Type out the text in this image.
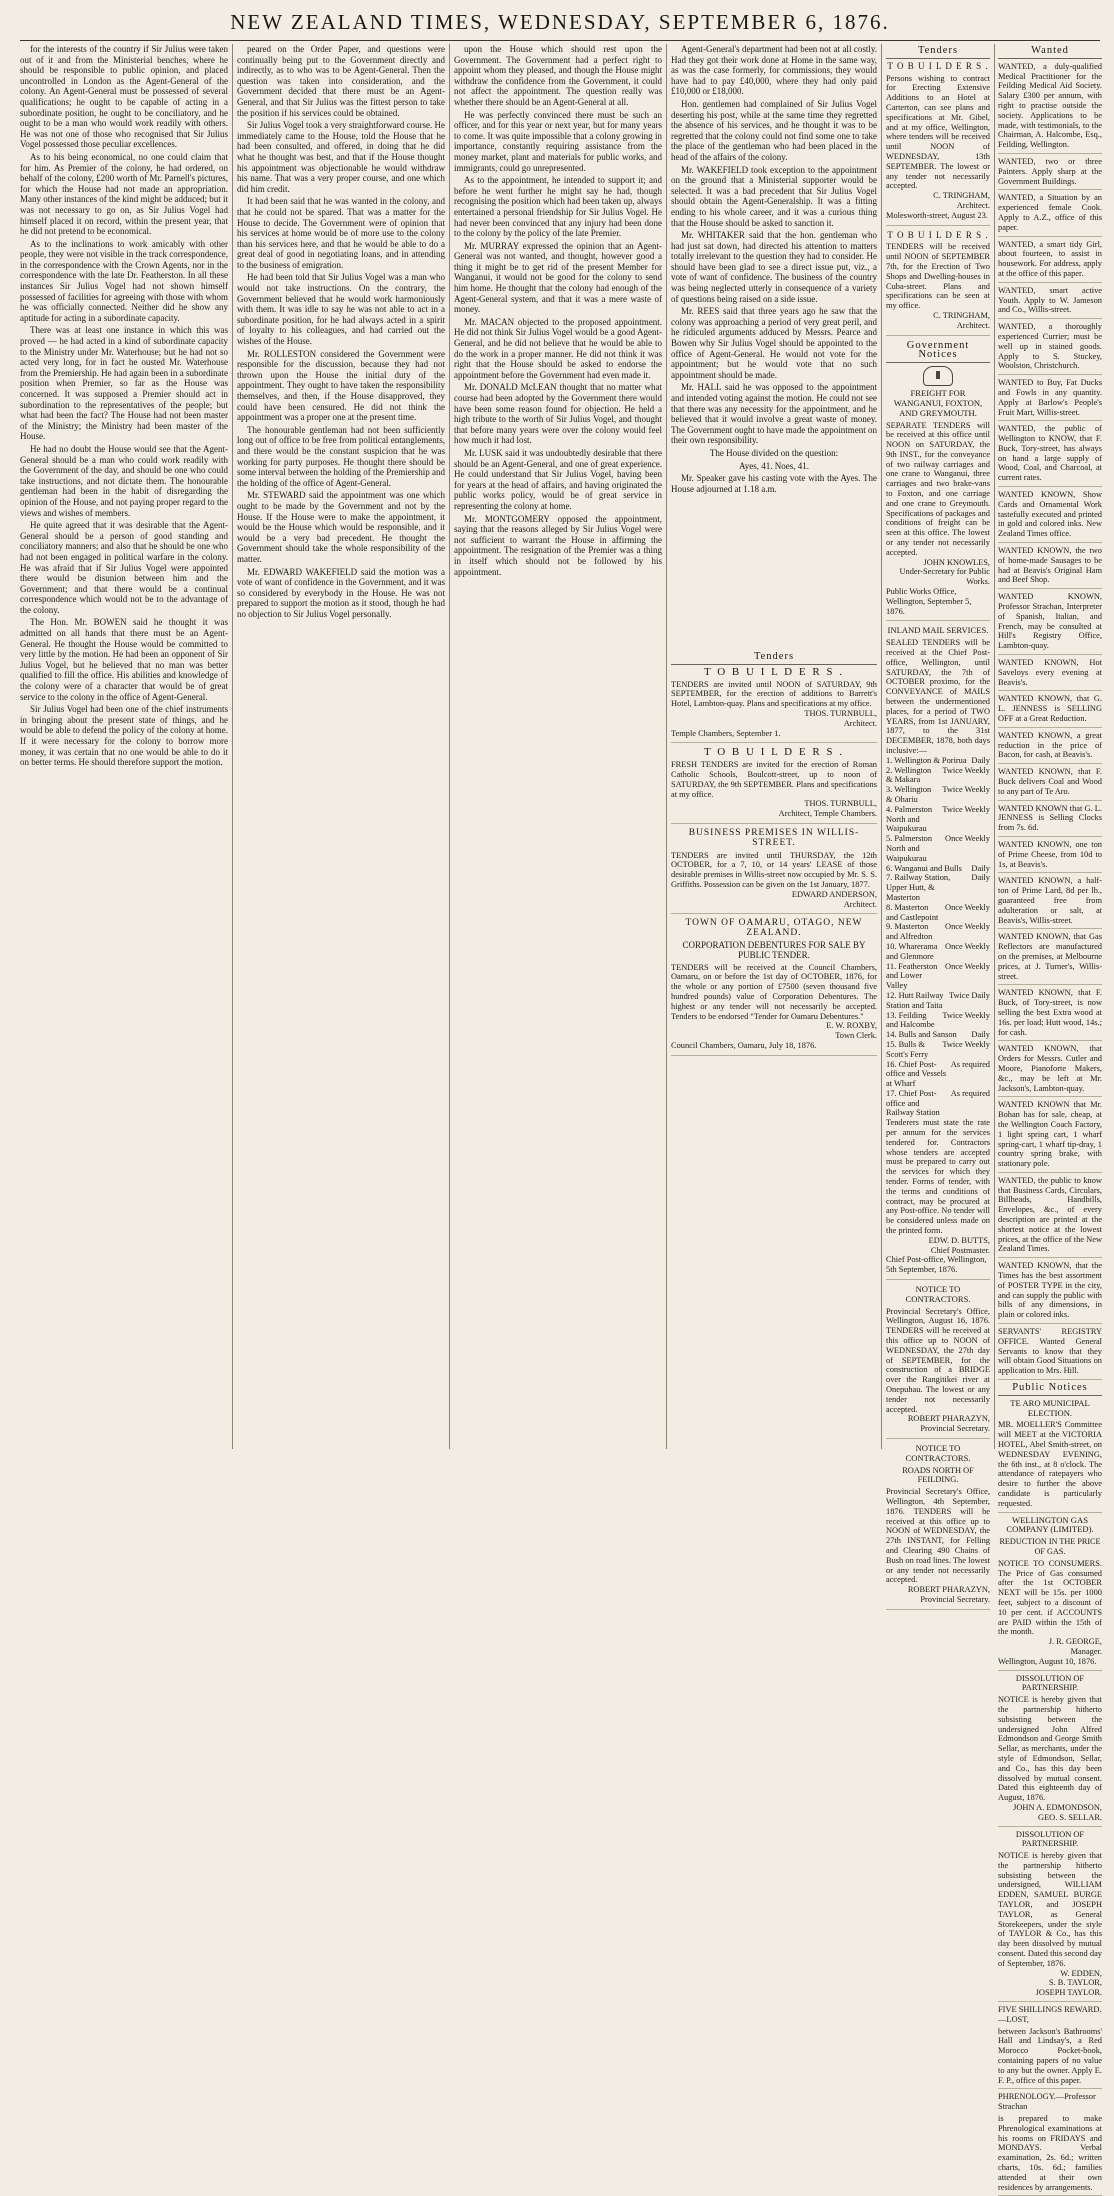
NEW ZEALAND TIMES, WEDNESDAY, SEPTEMBER 6, 1876.

for the interests of the country if Sir Julius were taken out of it and from the Ministerial benches, where he should be responsible to public opinion, and placed uncontrolled in London as the Agent-General of the colony. An Agent-General must be possessed of several qualifications; he ought to be capable of acting in a subordinate position, he ought to be conciliatory, and he ought to be a man who would work readily with others. He was not one of those who recognised that Sir Julius Vogel possessed those peculiar excellences.

As to his being economical, no one could claim that for him. As Premier of the colony, he had ordered, on behalf of the colony, £200 worth of Mr. Parnell's pictures, for which the House had not made an appropriation. Many other instances of the kind might be adduced; but it was not necessary to go on, as Sir Julius Vogel had himself placed it on record, within the present year, that he did not pretend to be economical.

As to the inclinations to work amicably with other people, they were not visible in the track correspondence, in the correspondence with the Crown Agents, nor in the correspondence with the late Dr. Featherston. In all these instances Sir Julius Vogel had not shown himself possessed of facilities for agreeing with those with whom he was officially connected. Neither did he show any aptitude for acting in a subordinate capacity.

There was at least one instance in which this was proved — he had acted in a kind of subordinate capacity to the Ministry under Mr. Waterhouse; but he had not so acted very long, for in fact he ousted Mr. Waterhouse from the Premiership. He had again been in a subordinate position when Premier, so far as the House was concerned. It was supposed a Premier should act in subordination to the representatives of the people; but what had been the fact? The House had not been master of the Ministry; the Ministry had been master of the House.

He had no doubt the House would see that the Agent-General should be a man who could work readily with the Government of the day, and should be one who could take instructions, and not dictate them. The honourable gentleman had been in the habit of disregarding the opinion of the House, and not paying proper regard to the views and wishes of members.

He quite agreed that it was desirable that the Agent-General should be a person of good standing and conciliatory manners; and also that he should be one who had not been engaged in political warfare in the colony. He was afraid that if Sir Julius Vogel were appointed there would be disunion between him and the Government; and that there would be a continual correspondence which would not be to the advantage of the colony.

The Hon. Mr. BOWEN said he thought it was admitted on all hands that there must be an Agent-General. He thought the House would be committed to very little by the motion. He had been an opponent of Sir Julius Vogel, but he believed that no man was better qualified to fill the office. His abilities and knowledge of the colony were of a character that would be of great service to the colony in the office of Agent-General.

Sir Julius Vogel had been one of the chief instruments in bringing about the present state of things, and he would be able to defend the policy of the colony at home. If it were necessary for the colony to borrow more money, it was certain that no one would be able to do it on better terms. He should therefore support the motion.

peared on the Order Paper, and questions were continually being put to the Government directly and indirectly, as to who was to be Agent-General. Then the question was taken into consideration, and the Government decided that there must be an Agent-General, and that Sir Julius was the fittest person to take the position if his services could be obtained.

Sir Julius Vogel took a very straightforward course. He immediately came to the House, told the House that he had been consulted, and offered, in doing that he did what he thought was best, and that if the House thought his appointment was objectionable he would withdraw his name. That was a very proper course, and one which did him credit.

It had been said that he was wanted in the colony, and that he could not be spared. That was a matter for the House to decide. The Government were of opinion that his services at home would be of more use to the colony than his services here, and that he would be able to do a great deal of good in negotiating loans, and in attending to the business of emigration.

He had been told that Sir Julius Vogel was a man who would not take instructions. On the contrary, the Government believed that he would work harmoniously with them. It was idle to say he was not able to act in a subordinate position, for he had always acted in a spirit of loyalty to his colleagues, and had carried out the wishes of the House.

Mr. ROLLESTON considered the Government were responsible for the discussion, because they had not thrown upon the House the initial duty of the appointment. They ought to have taken the responsibility themselves, and then, if the House disapproved, they could have been censured. He did not think the appointment was a proper one at the present time.

The honourable gentleman had not been sufficiently long out of office to be free from political entanglements, and there would be the constant suspicion that he was working for party purposes. He thought there should be some interval between the holding of the Premiership and the holding of the office of Agent-General.

Mr. STEWARD said the appointment was one which ought to be made by the Government and not by the House. If the House were to make the appointment, it would be the House which would be responsible, and it would be a very bad precedent. He thought the Government should take the whole responsibility of the matter.

Mr. EDWARD WAKEFIELD said the motion was a vote of want of confidence in the Government, and it was so considered by everybody in the House. He was not prepared to support the motion as it stood, though he had no objection to Sir Julius Vogel personally.

upon the House which should rest upon the Government. The Government had a perfect right to appoint whom they pleased, and though the House might withdraw the confidence from the Government, it could not affect the appointment. The question really was whether there should be an Agent-General at all.

He was perfectly convinced there must be such an officer, and for this year or next year, but for many years to come. It was quite impossible that a colony growing in importance, constantly requiring assistance from the money market, plant and materials for public works, and immigrants, could go unrepresented.

As to the appointment, he intended to support it; and before he went further he might say he had, though recognising the position which had been taken up, always entertained a personal friendship for Sir Julius Vogel. He had never been convinced that any injury had been done to the colony by the policy of the late Premier.

Mr. MURRAY expressed the opinion that an Agent-General was not wanted, and thought, however good a thing it might be to get rid of the present Member for Wanganui, it would not be good for the colony to send him home. He thought that the colony had enough of the Agent-General system, and that it was a mere waste of money.

Mr. MACAN objected to the proposed appointment. He did not think Sir Julius Vogel would be a good Agent-General, and he did not believe that he would be able to do the work in a proper manner. He did not think it was right that the House should be asked to endorse the appointment before the Government had even made it.

Mr. DONALD McLEAN thought that no matter what course had been adopted by the Government there would have been some reason found for objection. He held a high tribute to the worth of Sir Julius Vogel, and thought that before many years were over the colony would feel how much it had lost.

Mr. LUSK said it was undoubtedly desirable that there should be an Agent-General, and one of great experience. He could understand that Sir Julius Vogel, having been for years at the head of affairs, and having originated the public works policy, would be of great service in representing the colony at home.

Mr. MONTGOMERY opposed the appointment, saying that the reasons alleged by Sir Julius Vogel were not sufficient to warrant the House in affirming the appointment. The resignation of the Premier was a thing in itself which should not be followed by his appointment.

Agent-General's department had been not at all costly. Had they got their work done at Home in the same way, as was the case formerly, for commissions, they would have had to pay £40,000, where they had only paid £10,000 or £18,000.

Hon. gentlemen had complained of Sir Julius Vogel deserting his post, while at the same time they regretted the absence of his services, and he thought it was to be regretted that the colony could not find some one to take the place of the gentleman who had been placed in the head of the affairs of the colony.

Mr. WAKEFIELD took exception to the appointment on the ground that a Ministerial supporter would be selected. It was a bad precedent that Sir Julius Vogel should obtain the Agent-Generalship. It was a fitting ending to his whole career, and it was a curious thing that the House should be asked to sanction it.

Mr. WHITAKER said that the hon. gentleman who had just sat down, had directed his attention to matters totally irrelevant to the question they had to consider. He should have been glad to see a direct issue put, viz., a vote of want of confidence. The business of the country was being neglected utterly in consequence of a variety of questions being raised on a side issue.

Mr. REES said that three years ago he saw that the colony was approaching a period of very great peril, and he ridiculed arguments adduced by Messrs. Pearce and Bowen why Sir Julius Vogel should be appointed to the office of Agent-General. He would not vote for the appointment; but he would vote that no such appointment should be made.

Mr. HALL said he was opposed to the appointment and intended voting against the motion. He could not see that there was any necessity for the appointment, and he believed that it would involve a great waste of money. The Government ought to have made the appointment on their own responsibility.

The House divided on the question:

Ayes, 41. Noes, 41.

Mr. Speaker gave his casting vote with the Ayes. The House adjourned at 1.18 a.m.

Tenders
T O B U I L D E R S .
TENDERS are invited until NOON of SATURDAY, 9th SEPTEMBER, for the erection of additions to Barrett's Hotel, Lambton-quay. Plans and specifications at my office.
THOS. TURNBULL,
Architect.
Temple Chambers, September 1.
T O B U I L D E R S .
FRESH TENDERS are invited for the erection of Roman Catholic Schools, Boulcott-street, up to noon of SATURDAY, the 9th SEPTEMBER. Plans and specifications at my office.
THOS. TURNBULL,
Architect, Temple Chambers.
BUSINESS PREMISES IN WILLIS-STREET.
TENDERS are invited until THURSDAY, the 12th OCTOBER, for a 7, 10, or 14 years' LEASE of those desirable premises in Willis-street now occupied by Mr. S. S. Griffiths. Possession can be given on the 1st January, 1877.
EDWARD ANDERSON,
Architect.
TOWN OF OAMARU, OTAGO, NEW ZEALAND.
CORPORATION DEBENTURES FOR SALE BY PUBLIC TENDER.
TENDERS will be received at the Council Chambers, Oamaru, on or before the 1st day of OCTOBER, 1876, for the whole or any portion of £7500 (seven thousand five hundred pounds) value of Corporation Debentures. The highest or any tender will not necessarily be accepted. Tenders to be endorsed "Tender for Oamaru Debentures."
E. W. ROXBY,
Town Clerk.
Council Chambers, Oamaru, July 18, 1876.
Tenders
T O B U I L D E R S .
Persons wishing to contract for Erecting Extensive Additions to an Hotel at Carterton, can see plans and specifications at Mr. Gibel, and at my office, Wellington, where tenders will be received until NOON of WEDNESDAY, 13th SEPTEMBER. The lowest or any tender not necessarily accepted.
C. TRINGHAM,
Architect.
Molesworth-street, August 23.
T O B U I L D E R S .
TENDERS will be received until NOON of SEPTEMBER 7th, for the Erection of Two Shops and Dwelling-houses in Cuba-street. Plans and specifications can be seen at my office.
C. TRINGHAM,
Architect.
Government Notices
FREIGHT FOR WANGANUI, FOXTON, AND GREYMOUTH.
SEPARATE TENDERS will be received at this office until NOON on SATURDAY, the 9th INST., for the conveyance of two railway carriages and one crane to Wanganui, three carriages and two brake-vans to Foxton, and one carriage and one crane to Greymouth. Specifications of packages and conditions of freight can be seen at this office. The lowest or any tender not necessarily accepted.
JOHN KNOWLES,
Under-Secretary for Public Works.
Public Works Office, Wellington, September 5, 1876.
INLAND MAIL SERVICES.
SEALED TENDERS will be received at the Chief Post-office, Wellington, until SATURDAY, the 7th of OCTOBER proximo, for the CONVEYANCE of MAILS between the undermentioned places, for a period of TWO YEARS, from 1st JANUARY, 1877, to the 31st DECEMBER, 1878, both days inclusive:—
1. Wellington & Porirua Daily
2. Wellington & Makara
Twice Weekly
3. Wellington & Ohariu
Twice Weekly
4. Palmerston North and Waipukurau
Twice Weekly
5. Palmerston North and Waipukurau
Once Weekly
6. Wanganui and Bulls Daily
7. Railway Station, Upper Hutt, & Masterton
Daily
8. Masterton and Castlepoint
Once Weekly
9. Masterton and Alfredton
Once Weekly
10. Wharerama and Glenmore
Once Weekly
11. Featherston and Lower Valley
Once Weekly
12. Hutt Railway Station and Taita
Twice Daily
13. Feilding and Halcombe
Twice Weekly
14. Bulls and Sanson Daily
15. Bulls & Scott's Ferry
Twice Weekly
16. Chief Post-office and Vessels at Wharf
As required
17. Chief Post-office and Railway Station
As required
Tenderers must state the rate per annum for the services tendered for. Contractors whose tenders are accepted must be prepared to carry out the services for which they tender. Forms of tender, with the terms and conditions of contract, may be procured at any Post-office. No tender will be considered unless made on the printed form.
EDW. D. BUTTS,
Chief Postmaster.
Chief Post-office, Wellington, 5th September, 1876.
NOTICE TO CONTRACTORS.
Provincial Secretary's Office, Wellington, August 16, 1876. TENDERS will be received at this office up to NOON of WEDNESDAY, the 27th day of SEPTEMBER, for the construction of a BRIDGE over the Rangitikei river at Onepuhau. The lowest or any tender not necessarily accepted.
ROBERT PHARAZYN,
Provincial Secretary.
NOTICE TO CONTRACTORS.
ROADS NORTH OF FEILDING.
Provincial Secretary's Office, Wellington, 4th September, 1876. TENDERS will be received at this office up to NOON of WEDNESDAY, the 27th INSTANT, for Felling and Clearing 490 Chains of Bush on road lines. The lowest or any tender not necessarily accepted.
ROBERT PHARAZYN,
Provincial Secretary.
Wanted
WANTED, a duly-qualified Medical Practitioner for the Feilding Medical Aid Society. Salary £300 per annum, with right to practise outside the society. Applications to be made, with testimonials, to the Chairman, A. Halcombe, Esq., Feilding, Wellington.
WANTED, two or three Painters. Apply sharp at the Government Buildings.
WANTED, a Situation by an experienced female Cook. Apply to A.Z., office of this paper.
WANTED, a smart tidy Girl, about fourteen, to assist in housework. For address, apply at the office of this paper.
WANTED, smart active Youth. Apply to W. Jameson and Co., Willis-street.
WANTED, a thoroughly experienced Currier; must be well up in stained goods. Apply to S. Stuckey, Woolston, Christchurch.
WANTED to Buy, Fat Ducks and Fowls in any quantity. Apply at Barlow's People's Fruit Mart, Willis-street.
WANTED, the public of Wellington to KNOW, that F. Buck, Tory-street, has always on hand a large supply of Wood, Coal, and Charcoal, at current rates.
WANTED KNOWN, Show Cards and Ornamental Work tastefully executed and printed in gold and colored inks. New Zealand Times office.
WANTED KNOWN, the two of home-made Sausages to be had at Beavis's Original Ham and Beef Shop.
WANTED KNOWN, Professor Strachan, Interpreter of Spanish, Italian, and French, may be consulted at Hill's Registry Office, Lambton-quay.
WANTED KNOWN, Hot Saveloys every evening at Beavis's.
WANTED KNOWN, that G. L. JENNESS is SELLING OFF at a Great Reduction.
WANTED KNOWN, a great reduction in the price of Bacon, for cash, at Beavis's.
WANTED KNOWN, that F. Buck delivers Coal and Wood to any part of Te Aro.
WANTED KNOWN that G. L. JENNESS is Selling Clocks from 7s. 6d.
WANTED KNOWN, one ton of Prime Cheese, from 10d to 1s, at Beavis's.
WANTED KNOWN, a half-ton of Prime Lard, 8d per lb., guaranteed free from adulteration or salt, at Beavis's, Willis-street.
WANTED KNOWN, that Gas Reflectors are manufactured on the premises, at Melbourne prices, at J. Turner's, Willis-street.
WANTED KNOWN, that F. Buck, of Tory-street, is now selling the best Extra wood at 16s. per load; Hutt wood, 14s.; for cash.
WANTED KNOWN, that Orders for Messrs. Cutler and Moore, Pianoforte Makers, &c., may be left at Mr. Jackson's, Lambton-quay.
WANTED KNOWN that Mr. Bohan has for sale, cheap, at the Wellington Coach Factory, 1 light spring cart, 1 wharf spring-cart, 1 wharf tip-dray, 1 country spring brake, with stationary pole.
WANTED, the public to know that Business Cards, Circulars, Billheads, Handbills, Envelopes, &c., of every description are printed at the shortest notice at the lowest prices, at the office of the New Zealand Times.
WANTED KNOWN, that the Times has the best assortment of POSTER TYPE in the city, and can supply the public with bills of any dimensions, in plain or colored inks.
SERVANTS' REGISTRY OFFICE. Wanted General Servants to know that they will obtain Good Situations on application to Mrs. Hill.
Public Notices
TE ARO MUNICIPAL ELECTION.
MR. MOELLER'S Committee will MEET at the VICTORIA HOTEL, Abel Smith-street, on WEDNESDAY EVENING, the 6th inst., at 8 o'clock. The attendance of ratepayers who desire to further the above candidate is particularly requested.
WELLINGTON GAS COMPANY (LIMITED).
REDUCTION IN THE PRICE OF GAS.
NOTICE TO CONSUMERS. The Price of Gas consumed after the 1st OCTOBER NEXT will be 15s. per 1000 feet, subject to a discount of 10 per cent. if ACCOUNTS are PAID within the 15th of the month.
J. R. GEORGE,
Manager.
Wellington, August 10, 1876.
DISSOLUTION OF PARTNERSHIP.
NOTICE is hereby given that the partnership hitherto subsisting between the undersigned John Alfred Edmondson and George Smith Sellar, as merchants, under the style of Edmondson, Sellar, and Co., has this day been dissolved by mutual consent. Dated this eighteenth day of August, 1876.
JOHN A. EDMONDSON,
GEO. S. SELLAR.
DISSOLUTION OF PARTNERSHIP.
NOTICE is hereby given that the partnership hitherto subsisting between the undersigned, WILLIAM EDDEN, SAMUEL BURGE TAYLOR, and JOSEPH TAYLOR, as General Storekeepers, under the style of TAYLOR & Co., has this day been dissolved by mutual consent. Dated this second day of September, 1876.
W. EDDEN,
S. B. TAYLOR,
JOSEPH TAYLOR.
FIVE SHILLINGS REWARD.—LOST,
between Jackson's Bathrooms' Hall and Lindsay's, a Red Morocco Pocket-book, containing papers of no value to any but the owner. Apply E. F. P., office of this paper.
PHRENOLOGY.—Professor Strachan
is prepared to make Phrenological examinations at his rooms on FRIDAYS and MONDAYS. Verbal examination, 2s. 6d.; written charts, 10s. 6d.; families attended at their own residences by arrangements.
